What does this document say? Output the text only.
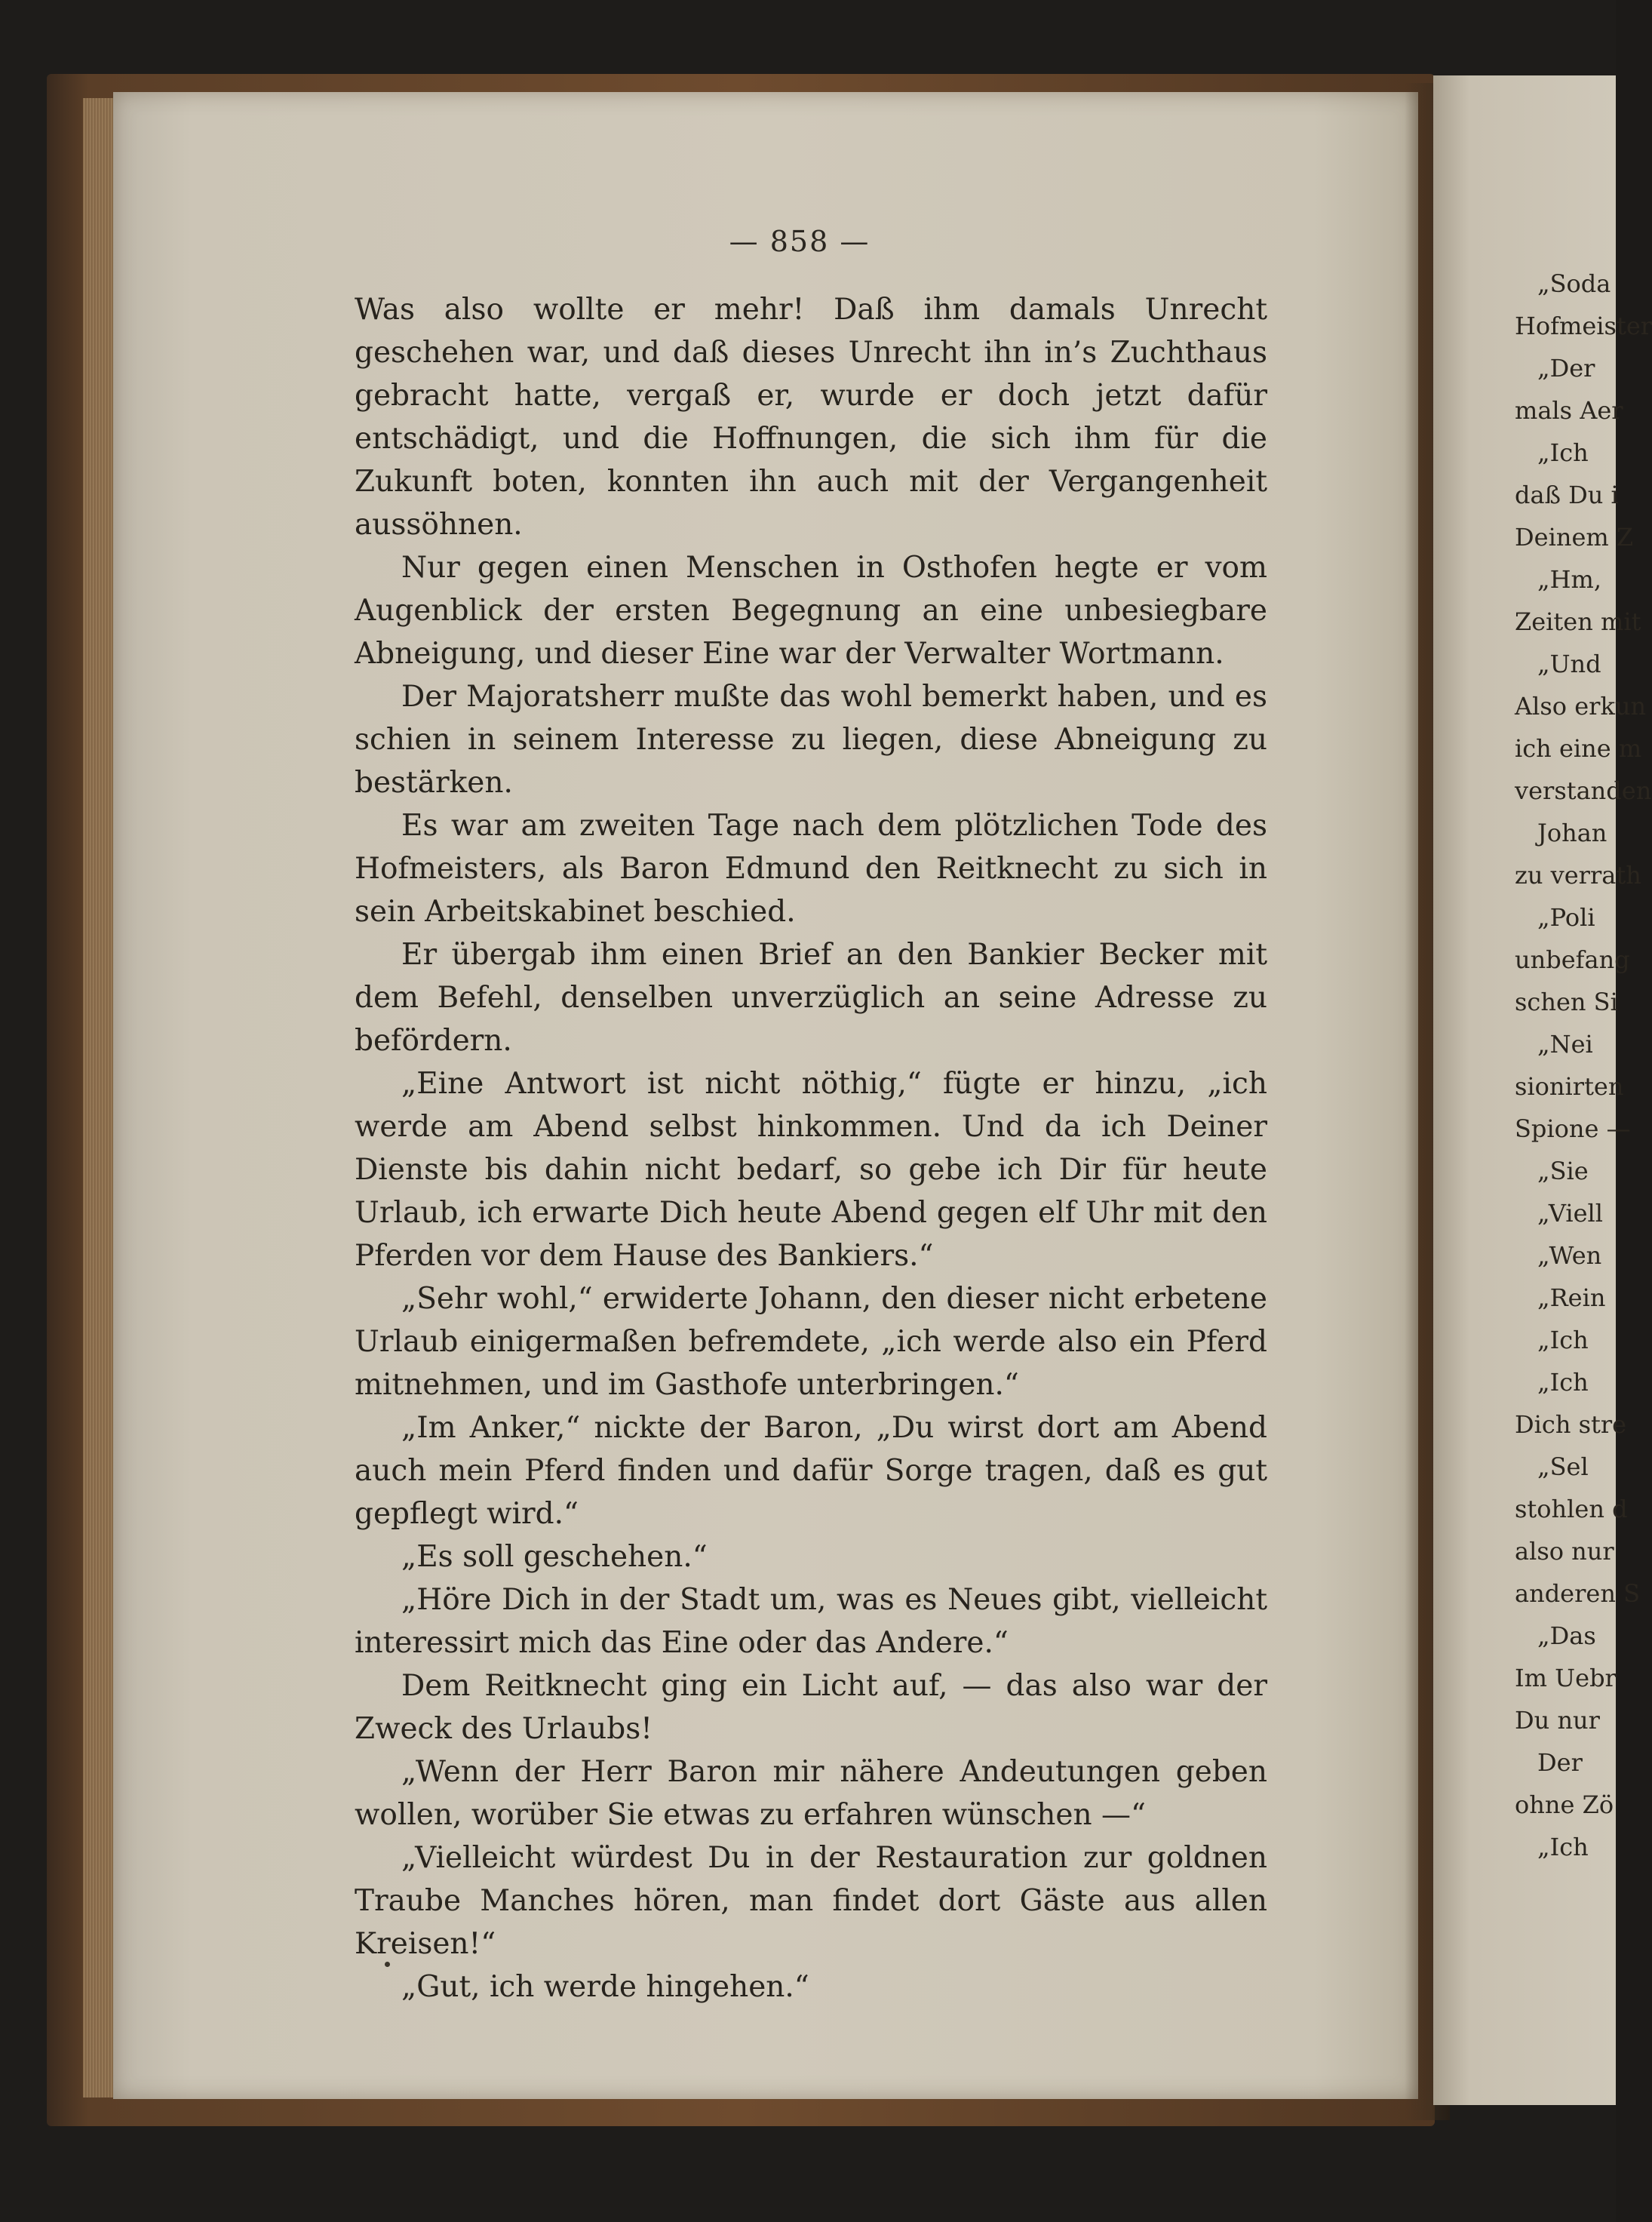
— 858 —

Was also wollte er mehr! Daß ihm damals Unrecht geschehen war, und daß dieses Unrecht ihn in’s Zuchthaus gebracht hatte, vergaß er, wurde er doch jetzt dafür entschädigt, und die Hoffnungen, die sich ihm für die Zukunft boten, konnten ihn auch mit der Vergangenheit aussöhnen.

Nur gegen einen Menschen in Osthofen hegte er vom Augenblick der ersten Begegnung an eine unbesiegbare Abneigung, und dieser Eine war der Verwalter Wortmann.

Der Majoratsherr mußte das wohl bemerkt haben, und es schien in seinem Interesse zu liegen, diese Abneigung zu bestärken.

Es war am zweiten Tage nach dem plötzlichen Tode des Hofmeisters, als Baron Edmund den Reitknecht zu sich in sein Arbeitskabinet beschied.

Er übergab ihm einen Brief an den Bankier Becker mit dem Befehl, denselben unverzüglich an seine Adresse zu befördern.

„Eine Antwort ist nicht nöthig,“ fügte er hinzu, „ich werde am Abend selbst hinkommen. Und da ich Deiner Dienste bis dahin nicht bedarf, so gebe ich Dir für heute Urlaub, ich erwarte Dich heute Abend gegen elf Uhr mit den Pferden vor dem Hause des Bankiers.“

„Sehr wohl,“ erwiderte Johann, den dieser nicht erbetene Urlaub einigermaßen befremdete, „ich werde also ein Pferd mitnehmen, und im Gasthofe unterbringen.“

„Im Anker,“ nickte der Baron, „Du wirst dort am Abend auch mein Pferd finden und dafür Sorge tragen, daß es gut gepflegt wird.“

„Es soll geschehen.“

„Höre Dich in der Stadt um, was es Neues gibt, vielleicht interessirt mich das Eine oder das Andere.“

Dem Reitknecht ging ein Licht auf, — das also war der Zweck des Urlaubs!

„Wenn der Herr Baron mir nähere Andeutungen geben wollen, worüber Sie etwas zu erfahren wünschen —“

„Vielleicht würdest Du in der Restauration zur goldnen Traube Manches hören, man findet dort Gäste aus allen Kreisen!“

„Gut, ich werde hingehen.“

„Soda
Hofmeister
„Der
mals Aer
„Ich
daß Du i
Deinem Z
„Hm,
Zeiten mit
„Und
Also erkun
ich eine m
verstanden
Johan
zu verrath
„Poli
unbefang
schen Si
„Nei
sionirten
Spione —
„Sie
„Viell
„Wen
„Rein
„Ich
„Ich
Dich stre
„Sel
stohlen d
also nur
anderen S
„Das
Im Uebr
Du nur
Der
ohne Zö
„Ich
